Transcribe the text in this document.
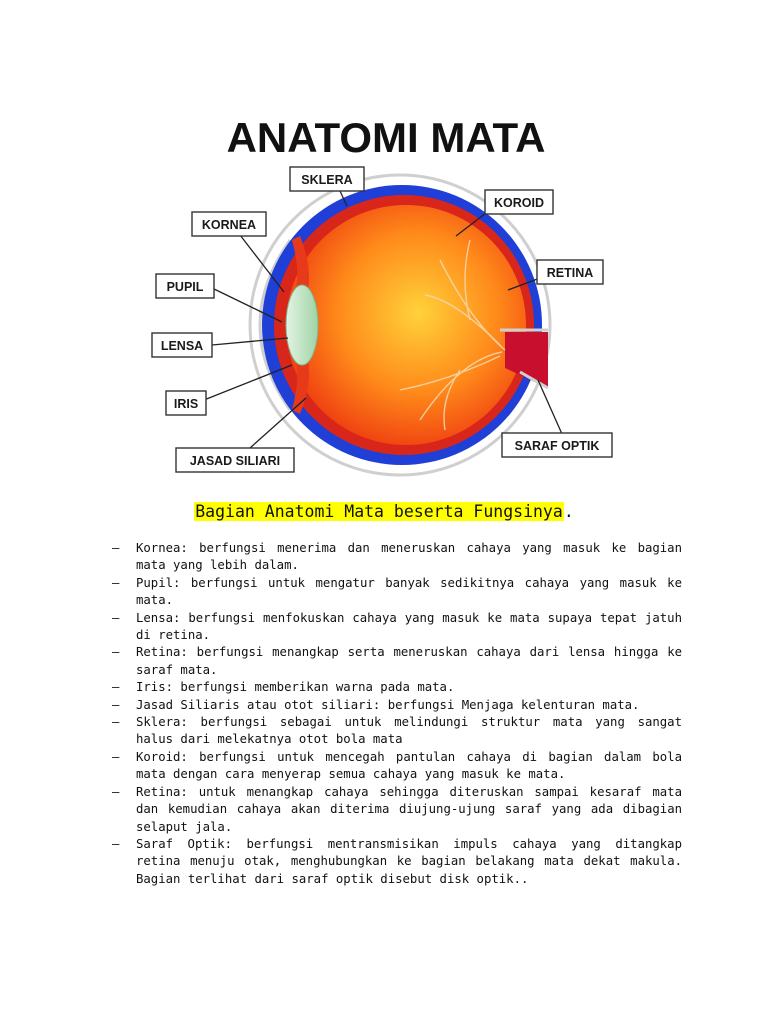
ANATOMI MATA
SKLERA
KOROID
KORNEA
RETINA
PUPIL
LENSA
IRIS
SARAF OPTIK
JASAD SILIARI
Bagian Anatomi Mata beserta Fungsinya.
– Kornea: berfungsi menerima dan meneruskan cahaya yang masuk ke bagian mata yang lebih dalam.
– Pupil: berfungsi untuk mengatur banyak sedikitnya cahaya yang masuk ke mata.
– Lensa: berfungsi menfokuskan cahaya yang masuk ke mata supaya tepat jatuh di retina.
– Retina: berfungsi menangkap serta meneruskan cahaya dari lensa hingga ke saraf mata.
– Iris: berfungsi memberikan warna pada mata.
– Jasad Siliaris atau otot siliari: berfungsi Menjaga kelenturan mata.
– Sklera: berfungsi sebagai untuk melindungi struktur mata yang sangat halus dari melekatnya otot bola mata
– Koroid: berfungsi untuk mencegah pantulan cahaya di bagian dalam bola mata dengan cara menyerap semua cahaya yang masuk ke mata.
– Retina: untuk menangkap cahaya sehingga diteruskan sampai kesaraf mata dan kemudian cahaya akan diterima diujung-ujung saraf yang ada dibagian selaput jala.
– Saraf Optik: berfungsi mentransmisikan impuls cahaya yang ditangkap retina menuju otak, menghubungkan ke bagian belakang mata dekat makula. Bagian terlihat dari saraf optik disebut disk optik..
